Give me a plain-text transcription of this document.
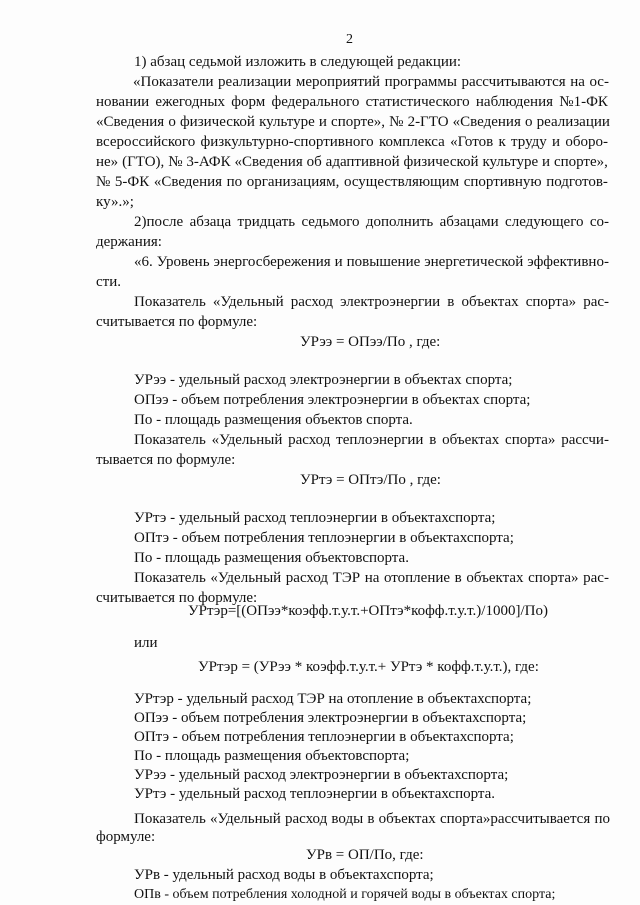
2
1) абзац седьмой изложить в следующей редакции:
«Показатели реализации мероприятий программы рассчитываются на ос-
новании ежегодных форм федерального статистического наблюдения №1-ФК
«Сведения о физической культуре и спорте», № 2-ГТО «Сведения о реализации
всероссийского физкультурно-спортивного комплекса «Готов к труду и оборо-
не» (ГТО), № 3-АФК «Сведения об адаптивной физической культуре и спорте»,
№ 5-ФК «Сведения по организациям, осуществляющим спортивную подготов-
ку».»;
2)после абзаца тридцать седьмого дополнить абзацами следующего со-
держания:
«6. Уровень энергосбережения и повышение энергетической эффективно-
сти.
Показатель «Удельный расход электроэнергии в объектах спорта» рас-
считывается по формуле:
УРээ = ОПээ/По , где:
УРээ - удельный расход электроэнергии в объектах спорта;
ОПээ - объем потребления электроэнергии в объектах спорта;
По - площадь размещения объектов спорта.
Показатель «Удельный расход теплоэнергии в объектах спорта» рассчи-
тывается по формуле:
УРтэ = ОПтэ/По , где:
УРтэ - удельный расход теплоэнергии в объектахспорта;
ОПтэ - объем потребления теплоэнергии в объектахспорта;
По - площадь размещения объектовспорта.
Показатель «Удельный расход ТЭР на отопление в объектах спорта» рас-
считывается по формуле:
УРтэр=[(ОПээ*коэфф.т.у.т.+ОПтэ*кофф.т.у.т.)/1000]/По)
или
УРтэр = (УРээ * коэфф.т.у.т.+ УРтэ * кофф.т.у.т.), где:
УРтэр - удельный расход ТЭР на отопление в объектахспорта;
ОПээ - объем потребления электроэнергии в объектахспорта;
ОПтэ - объем потребления теплоэнергии в объектахспорта;
По - площадь размещения объектовспорта;
УРээ - удельный расход электроэнергии в объектахспорта;
УРтэ - удельный расход теплоэнергии в объектахспорта.
Показатель «Удельный расход воды в объектах спорта»рассчитывается по
формуле:
УРв = ОП/По, где:
УРв - удельный расход воды в объектахспорта;
ОПв - объем потребления холодной и горячей воды в объектах спорта;
